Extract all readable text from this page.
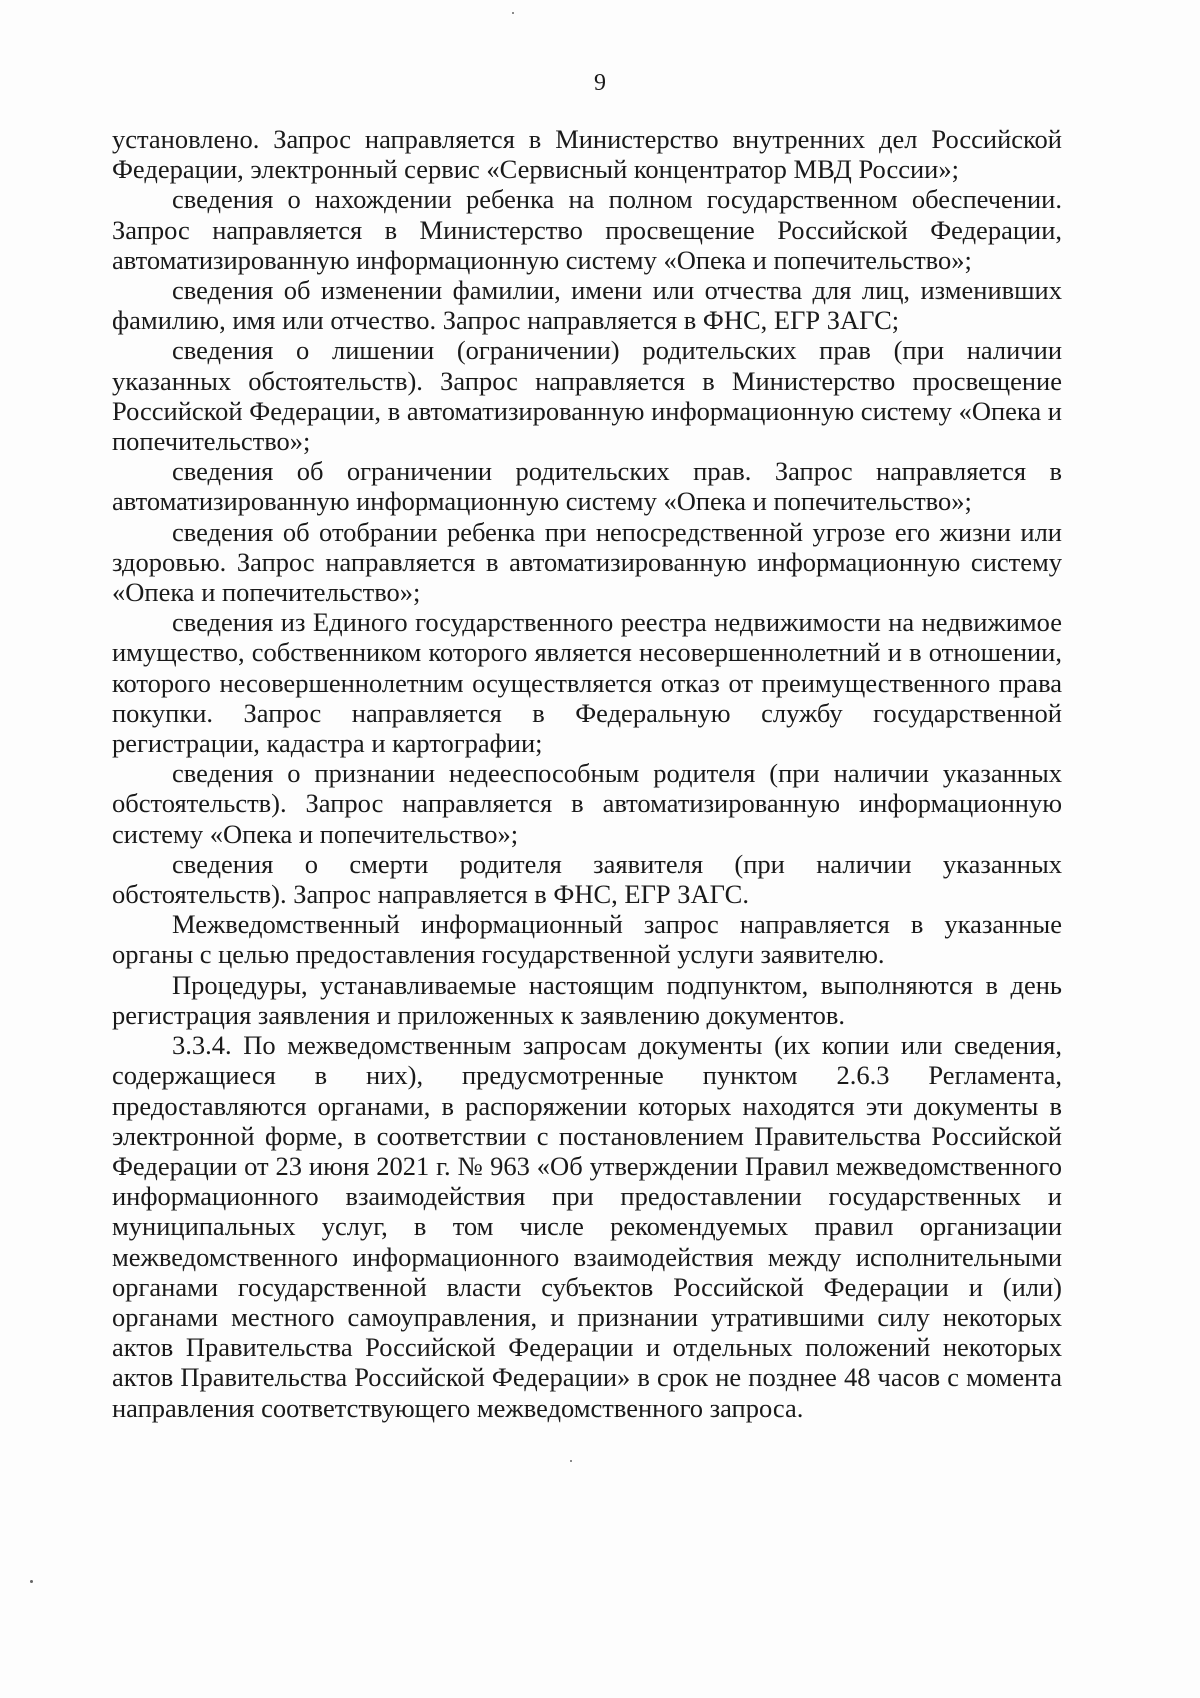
9

установлено. Запрос направляется в Министерство внутренних дел Российской Федерации, электронный сервис «Сервисный концентратор МВД России»;

сведения о нахождении ребенка на полном государственном обеспечении. Запрос направляется в Министерство просвещение Российской Федерации, автоматизированную информационную систему «Опека и попечительство»;

сведения об изменении фамилии, имени или отчества для лиц, изменивших фамилию, имя или отчество. Запрос направляется в ФНС, ЕГР ЗАГС;

сведения о лишении (ограничении) родительских прав (при наличии указанных обстоятельств). Запрос направляется в Министерство просвещение Российской Федерации, в автоматизированную информационную систему «Опека и попечительство»;

сведения об ограничении родительских прав. Запрос направляется в автоматизированную информационную систему «Опека и попечительство»;

сведения об отобрании ребенка при непосредственной угрозе его жизни или здоровью. Запрос направляется в автоматизированную информационную систему «Опека и попечительство»;

сведения из Единого государственного реестра недвижимости на недвижимое имущество, собственником которого является несовершеннолетний и в отношении, которого несовершеннолетним осуществляется отказ от преимущественного права покупки. Запрос направляется в Федеральную службу государственной регистрации, кадастра и картографии;

сведения о признании недееспособным родителя (при наличии указанных обстоятельств). Запрос направляется в автоматизированную информационную систему «Опека и попечительство»;

сведения о смерти родителя заявителя (при наличии указанных обстоятельств). Запрос направляется в ФНС, ЕГР ЗАГС.

Межведомственный информационный запрос направляется в указанные органы с целью предоставления государственной услуги заявителю.

Процедуры, устанавливаемые настоящим подпунктом, выполняются в день регистрация заявления и приложенных к заявлению документов.

3.3.4. По межведомственным запросам документы (их копии или сведения, содержащиеся в них), предусмотренные пунктом 2.6.3 Регламента, предоставляются органами, в распоряжении которых находятся эти документы в электронной форме, в соответствии с постановлением Правительства Российской Федерации от 23 июня 2021 г. № 963 «Об утверждении Правил межведомственного информационного взаимодействия при предоставлении государственных и муниципальных услуг, в том числе рекомендуемых правил организации межведомственного информационного взаимодействия между исполнительными органами государственной власти субъектов Российской Федерации и (или) органами местного самоуправления, и признании утратившими силу некоторых актов Правительства Российской Федерации и отдельных положений некоторых актов Правительства Российской Федерации» в срок не позднее 48 часов с момента направления соответствующего межведомственного запроса.
